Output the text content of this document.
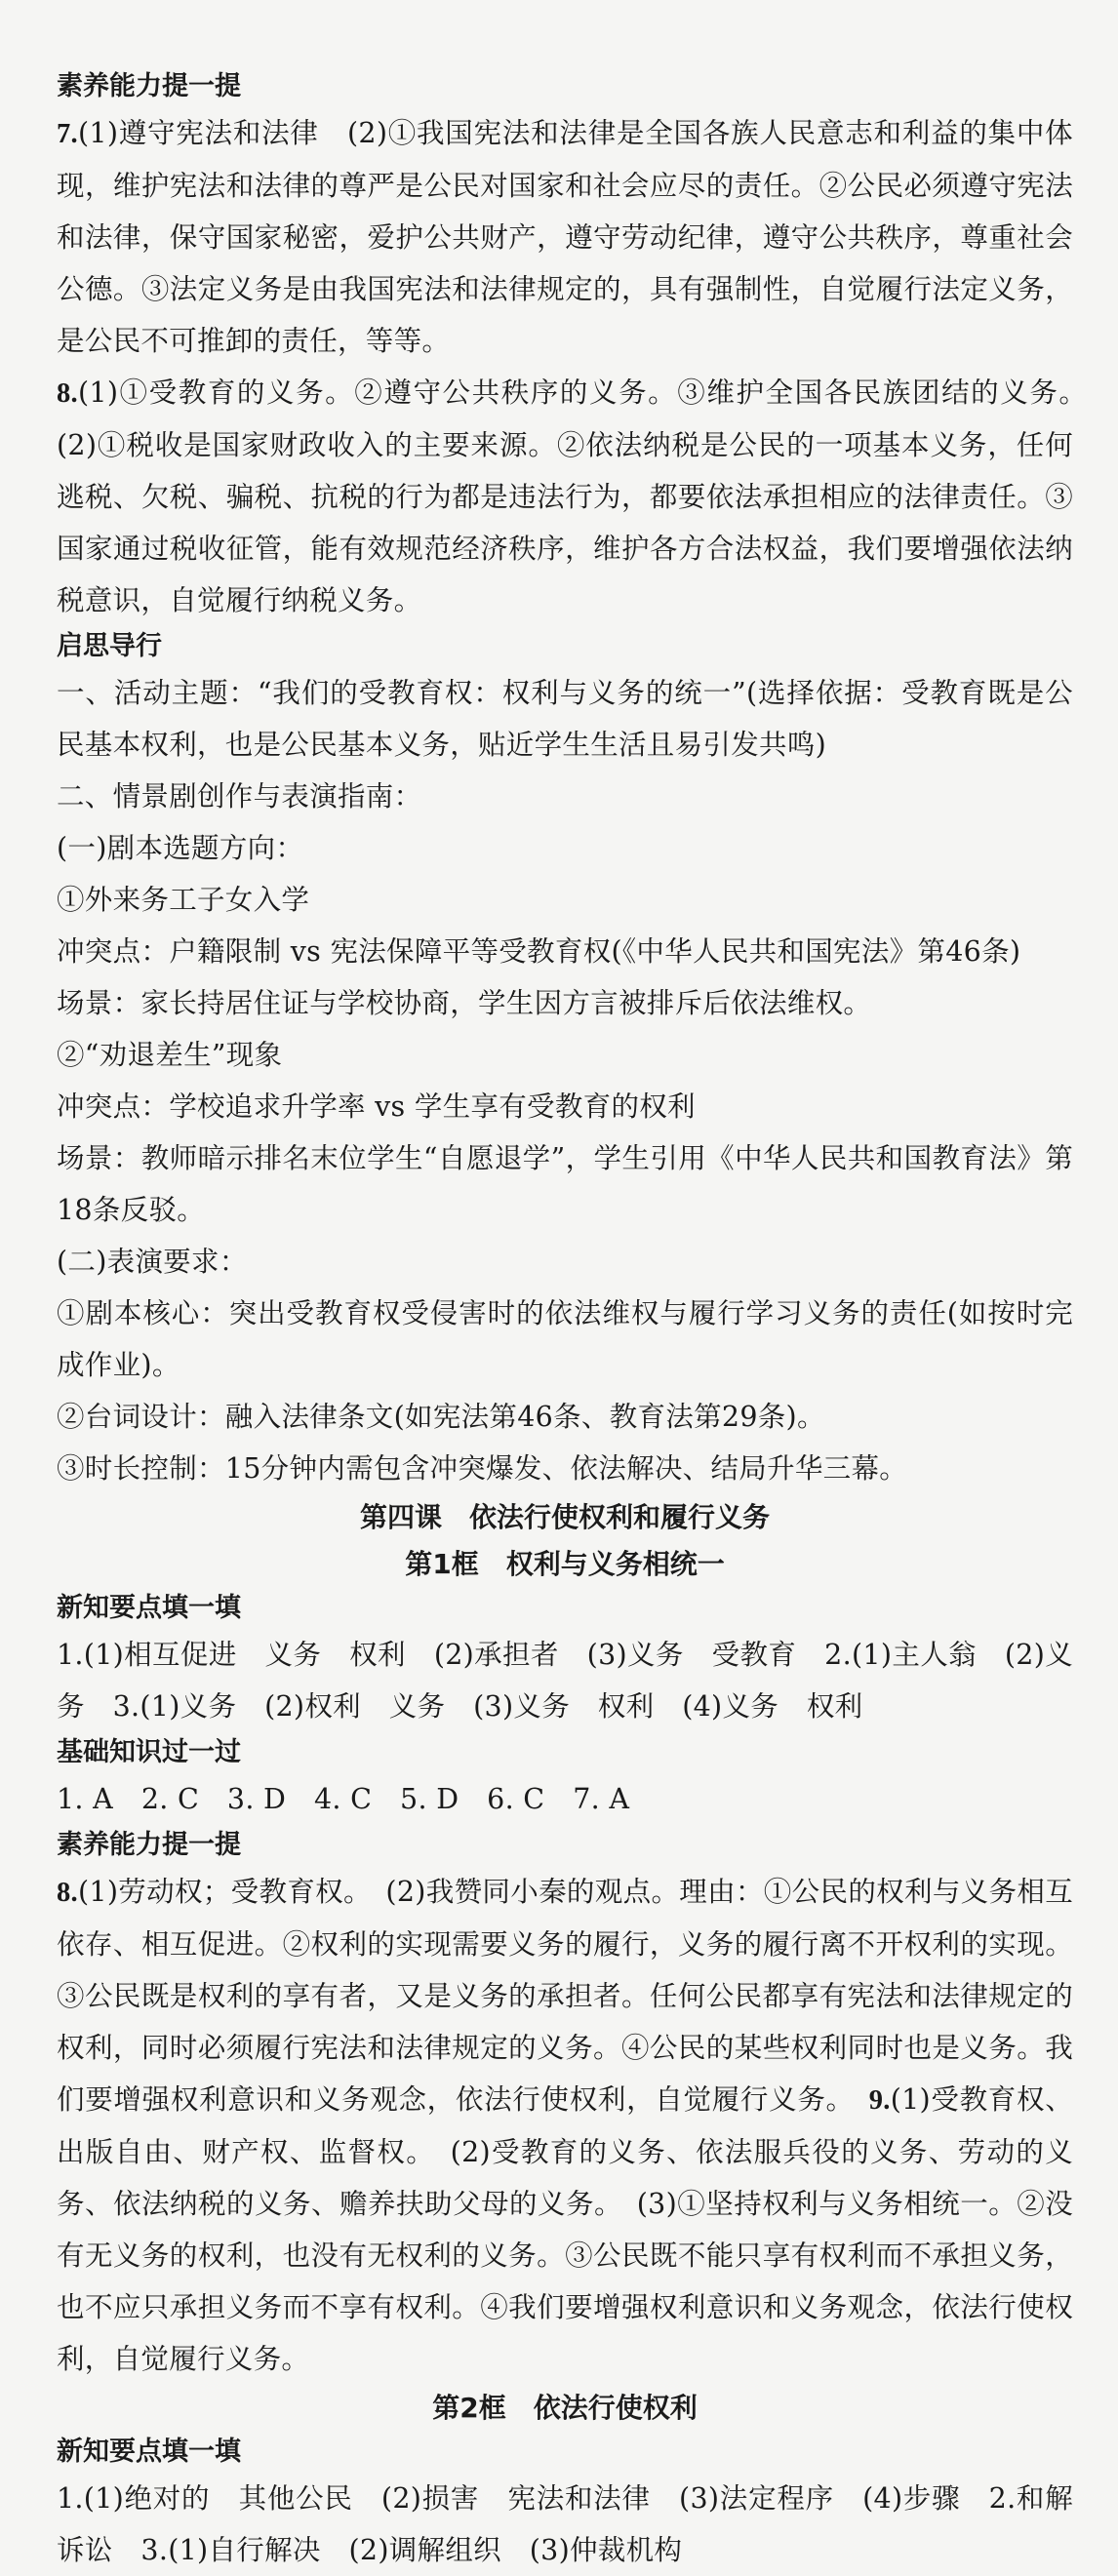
素养能力提一提
7.(1)遵守宪法和法律　(2)①我国宪法和法律是全国各族人民意志和利益的集中体现，维护宪法和法律的尊严是公民对国家和社会应尽的责任。②公民必须遵守宪法和法律，保守国家秘密，爱护公共财产，遵守劳动纪律，遵守公共秩序，尊重社会公德。③法定义务是由我国宪法和法律规定的，具有强制性，自觉履行法定义务，是公民不可推卸的责任，等等。
8.(1)①受教育的义务。②遵守公共秩序的义务。③维护全国各民族团结的义务。　(2)①税收是国家财政收入的主要来源。②依法纳税是公民的一项基本义务，任何逃税、欠税、骗税、抗税的行为都是违法行为，都要依法承担相应的法律责任。③国家通过税收征管，能有效规范经济秩序，维护各方合法权益，我们要增强依法纳税意识，自觉履行纳税义务。
启思导行
一、活动主题：“我们的受教育权：权利与义务的统一”(选择依据：受教育既是公民基本权利，也是公民基本义务，贴近学生生活且易引发共鸣)
二、情景剧创作与表演指南：
(一)剧本选题方向：
①外来务工子女入学
冲突点：户籍限制 vs 宪法保障平等受教育权(《中华人民共和国宪法》第46条)
场景：家长持居住证与学校协商，学生因方言被排斥后依法维权。
②“劝退差生”现象
冲突点：学校追求升学率 vs 学生享有受教育的权利
场景：教师暗示排名末位学生“自愿退学”，学生引用《中华人民共和国教育法》第18条反驳。
(二)表演要求：
①剧本核心：突出受教育权受侵害时的依法维权与履行学习义务的责任(如按时完成作业)。
②台词设计：融入法律条文(如宪法第46条、教育法第29条)。
③时长控制：15分钟内需包含冲突爆发、依法解决、结局升华三幕。
第四课　依法行使权利和履行义务
第1框　权利与义务相统一
新知要点填一填
1.(1)相互促进　义务　权利　(2)承担者　(3)义务　受教育　2.(1)主人翁　(2)义务　3.(1)义务　(2)权利　义务　(3)义务　权利　(4)义务　权利
基础知识过一过
1. A　2. C　3. D　4. C　5. D　6. C　7. A
素养能力提一提
8.(1)劳动权；受教育权。　(2)我赞同小秦的观点。理由：①公民的权利与义务相互依存、相互促进。②权利的实现需要义务的履行，义务的履行离不开权利的实现。③公民既是权利的享有者，又是义务的承担者。任何公民都享有宪法和法律规定的权利，同时必须履行宪法和法律规定的义务。④公民的某些权利同时也是义务。我们要增强权利意识和义务观念，依法行使权利，自觉履行义务。　 9.(1)受教育权、出版自由、财产权、监督权。　(2)受教育的义务、依法服兵役的义务、劳动的义务、依法纳税的义务、赡养扶助父母的义务。　(3)①坚持权利与义务相统一。②没有无义务的权利，也没有无权利的义务。③公民既不能只享有权利而不承担义务，也不应只承担义务而不享有权利。④我们要增强权利意识和义务观念，依法行使权利，自觉履行义务。
第2框　依法行使权利
新知要点填一填
1.(1)绝对的　其他公民　(2)损害　宪法和法律　(3)法定程序　(4)步骤　2.和解　诉讼　3.(1)自行解决　(2)调解组织　(3)仲裁机构
